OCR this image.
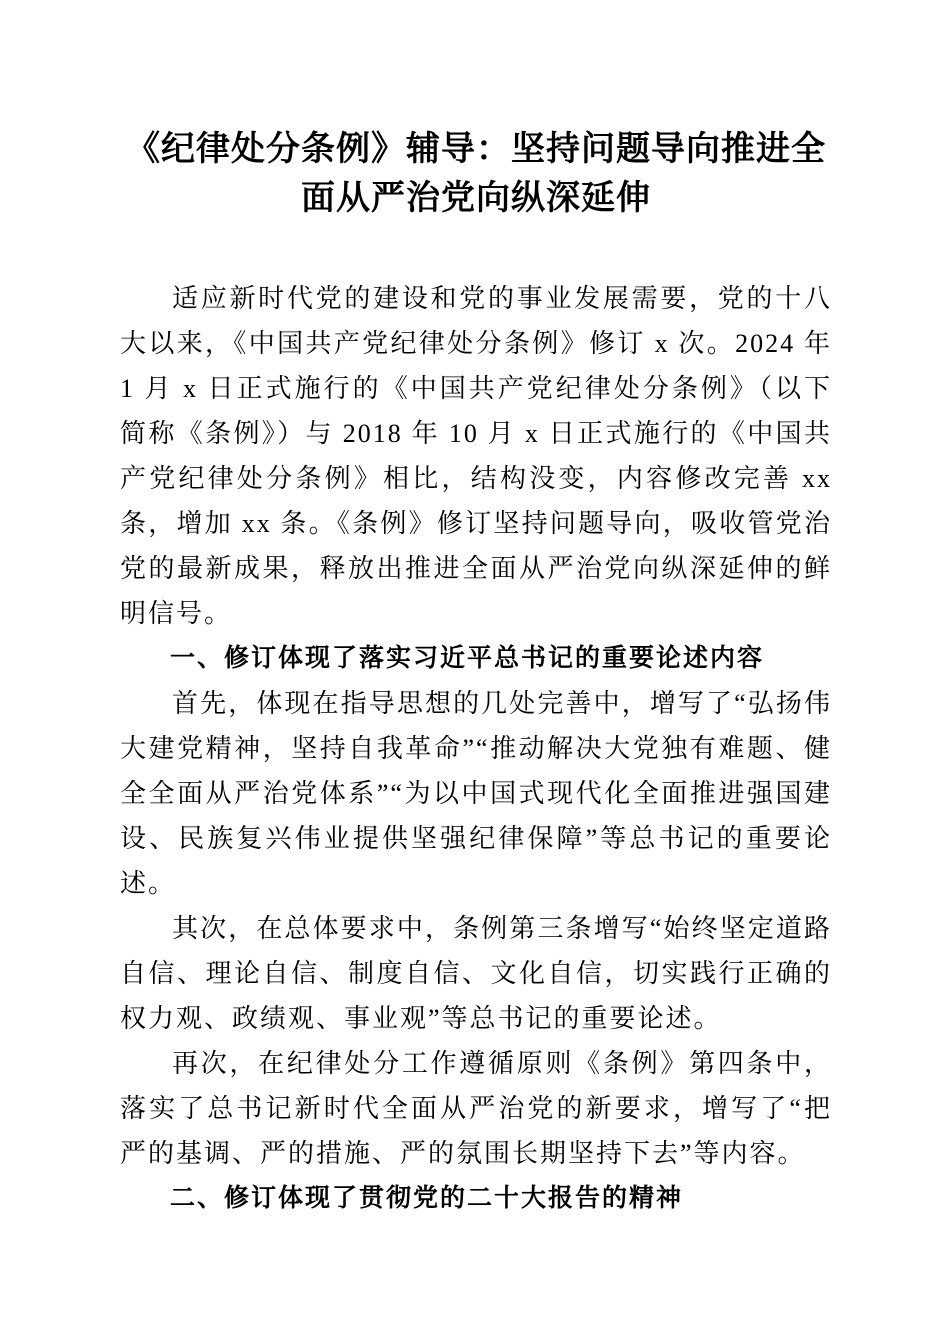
《纪律处分条例》辅导：坚持问题导向推进全
面从严治党向纵深延伸

适应新时代党的建设和党的事业发展需要，党的十八大以来，《中国共产党纪律处分条例》修订 x 次。2024 年 1 月 x 日正式施行的《中国共产党纪律处分条例》（以下简称《条例》）与 2018 年 10 月 x 日正式施行的《中国共产党纪律处分条例》相比，结构没变，内容修改完善 xx 条，增加 xx 条。《条例》修订坚持问题导向，吸收管党治党的最新成果，释放出推进全面从严治党向纵深延伸的鲜明信号。

一、修订体现了落实习近平总书记的重要论述内容

首先，体现在指导思想的几处完善中，增写了“弘扬伟大建党精神，坚持自我革命”“推动解决大党独有难题、健全全面从严治党体系”“为以中国式现代化全面推进强国建设、民族复兴伟业提供坚强纪律保障”等总书记的重要论述。

其次，在总体要求中，条例第三条增写“始终坚定道路自信、理论自信、制度自信、文化自信，切实践行正确的权力观、政绩观、事业观”等总书记的重要论述。

再次，在纪律处分工作遵循原则《条例》第四条中，落实了总书记新时代全面从严治党的新要求，增写了“把严的基调、严的措施、严的氛围长期坚持下去”等内容。

二、修订体现了贯彻党的二十大报告的精神
